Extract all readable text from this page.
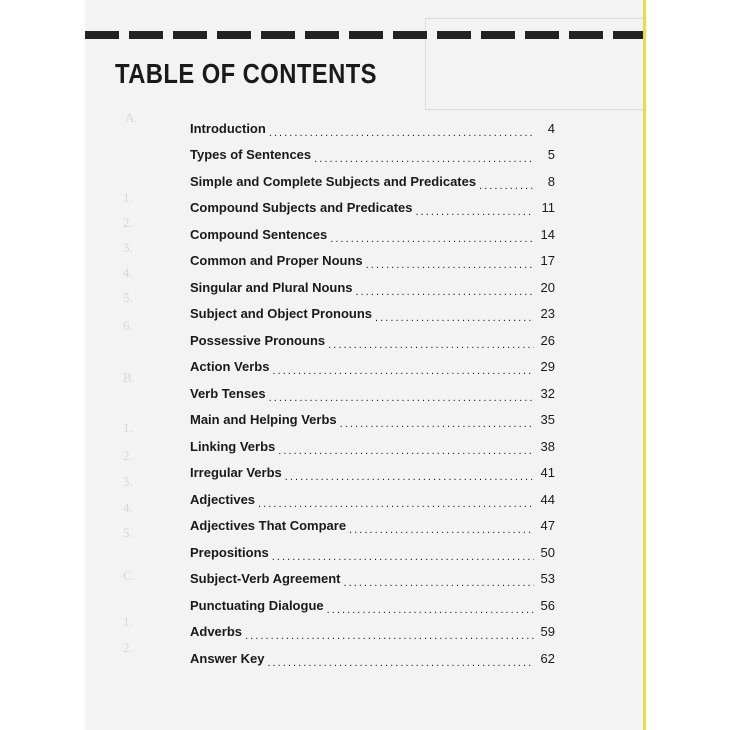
A.
1.
2.
3.
4.
5.
6.
B.
1.
2.
3.
4.
5.
C.
1.
2.
TABLE OF CONTENTS
Introduction . . .	4
Types of Sentences . . .	5
Simple and Complete Subjects and Predicates . . .	8
Compound Subjects and Predicates . . .	11
Compound Sentences . . .	14
Common and Proper Nouns . . .	17
Singular and Plural Nouns . . .	20
Subject and Object Pronouns . . .	23
Possessive Pronouns . . .	26
Action Verbs . . .	29
Verb Tenses . . .	32
Main and Helping Verbs . . .	35
Linking Verbs . . .	38
Irregular Verbs . . .	41
Adjectives . . .	44
Adjectives That Compare . . .	47
Prepositions . . .	50
Subject-Verb Agreement . . .	53
Punctuating Dialogue . . .	56
Adverbs . . .	59
Answer Key . . .	62
